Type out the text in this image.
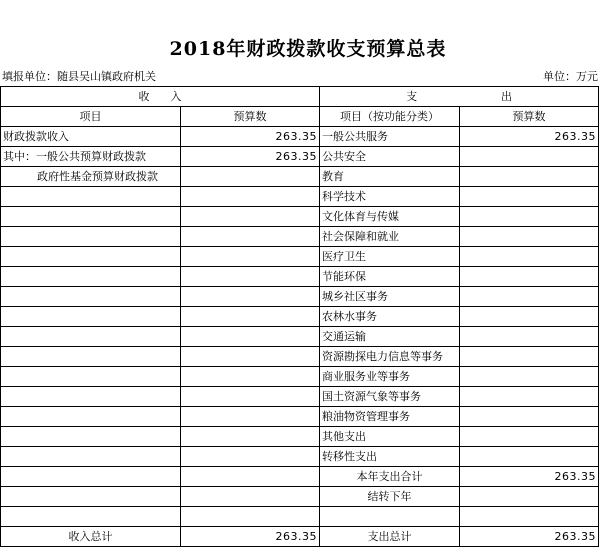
2018年财政拨款收支预算总表
填报单位：随县吴山镇政府机关	单位：万元
收      入		支                        出	
项目	预算数	项目（按功能分类）	预算数
财政拨款收入	263.35	一般公共服务	263.35
其中：一般公共预算财政拨款	263.35	公共安全	
政府性基金预算财政拨款		教育	
		科学技术	
		文化体育与传媒	
		社会保障和就业	
		医疗卫生	
		节能环保	
		城乡社区事务	
		农林水事务	
		交通运输	
		资源勘探电力信息等事务	
		商业服务业等事务	
		国土资源气象等事务	
		粮油物资管理事务	
		其他支出	
		转移性支出	
		本年支出合计	263.35
		结转下年	

收入总计	263.35	支出总计	263.35
